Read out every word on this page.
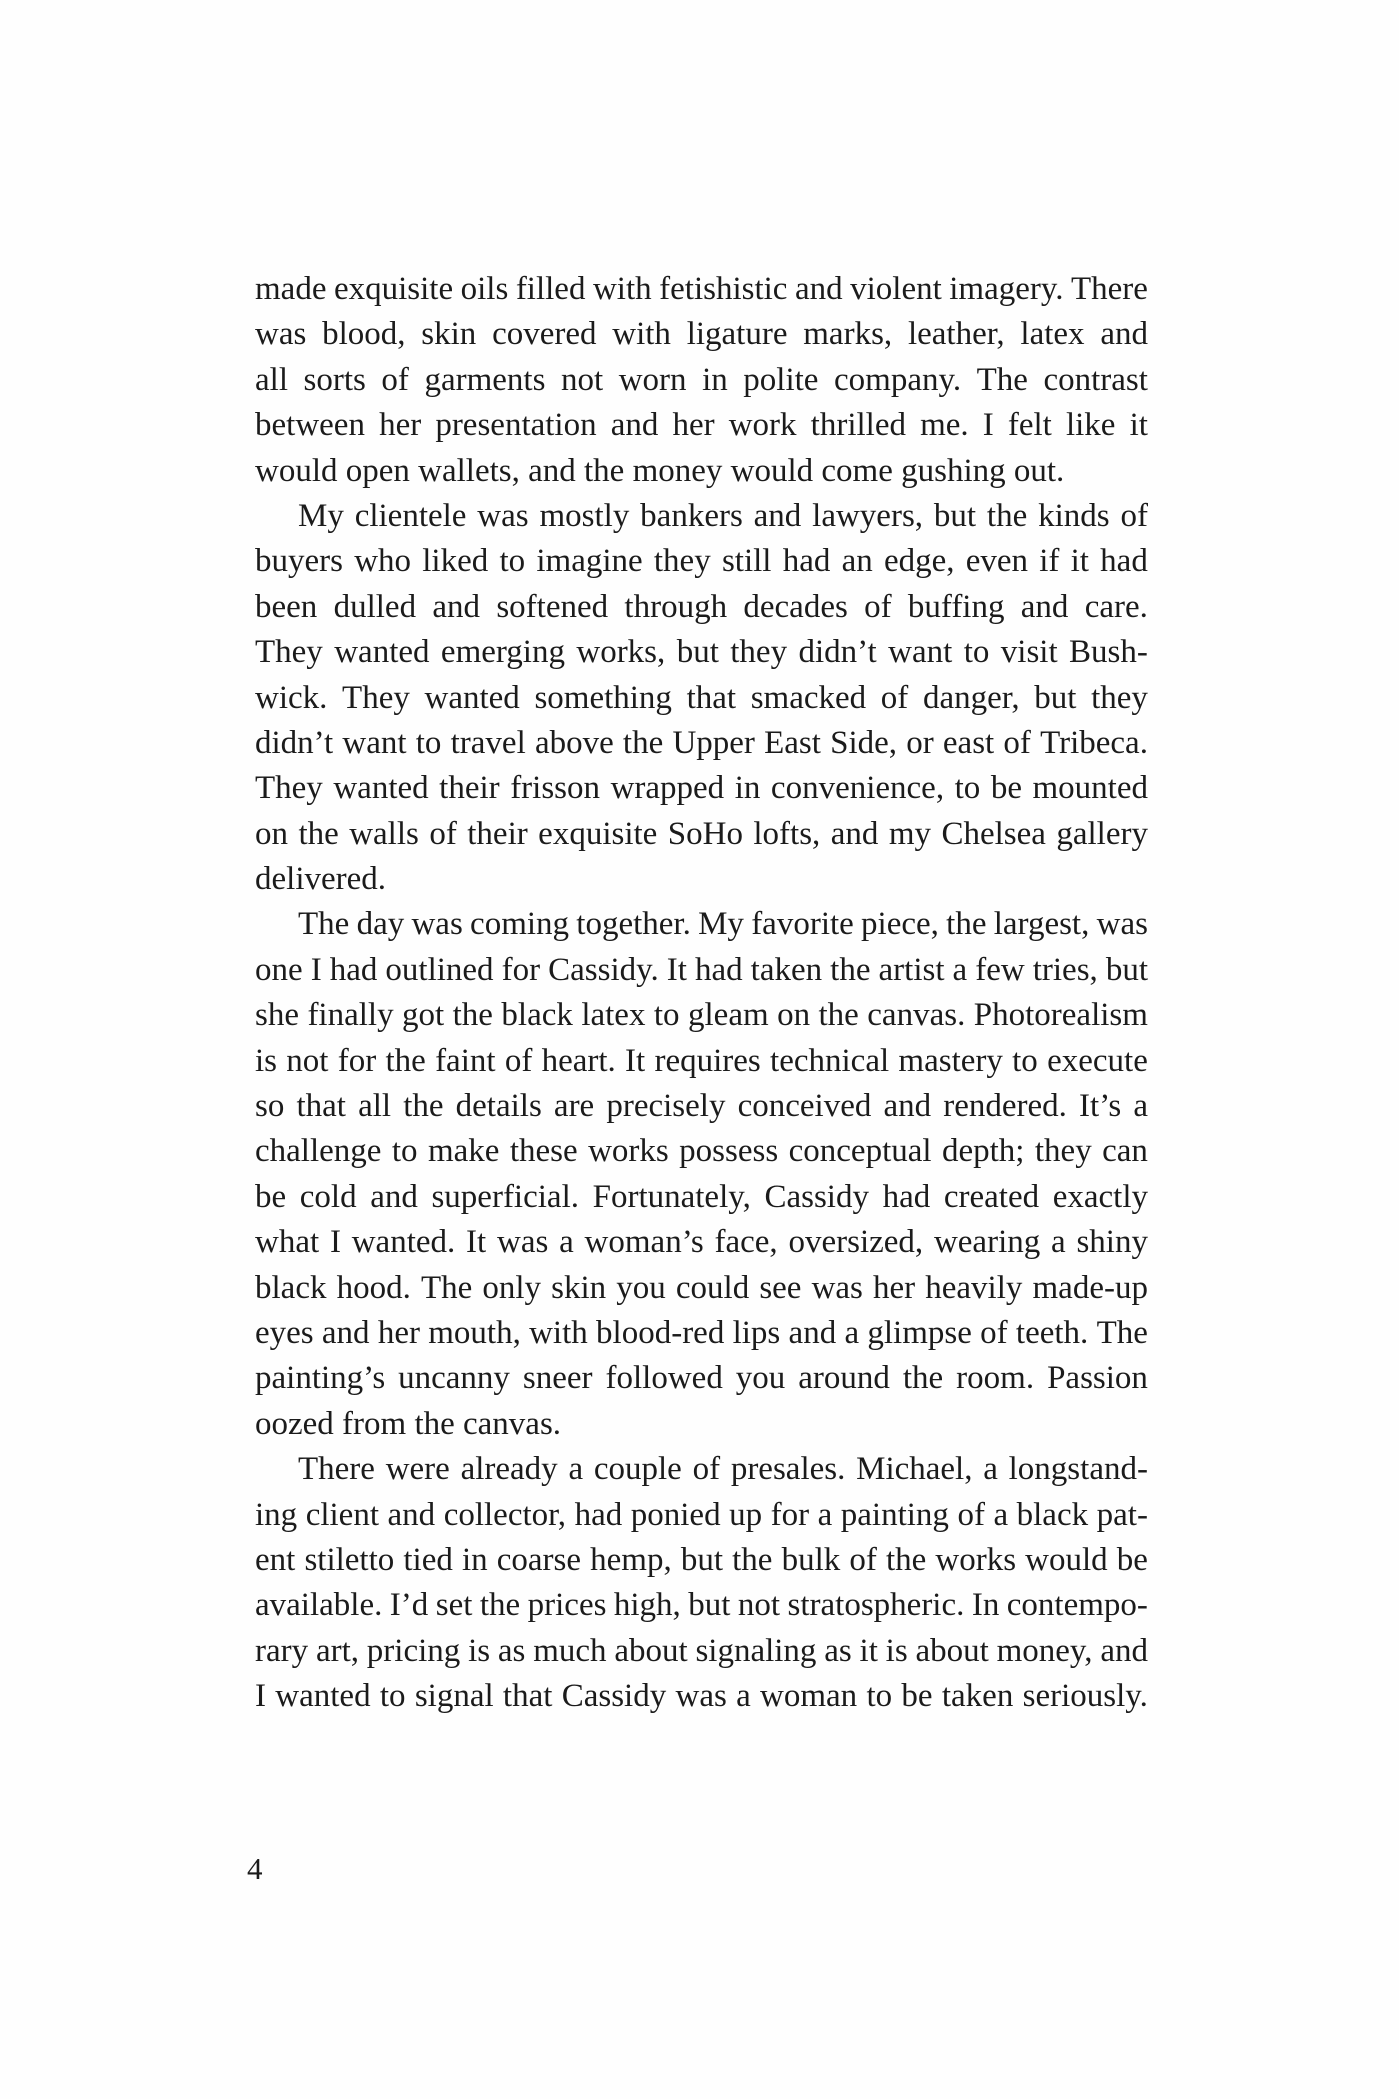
made exquisite oils filled with fetishistic and violent imagery. There
was blood, skin covered with ligature marks, leather, latex and
all sorts of garments not worn in polite company. The contrast
between her presentation and her work thrilled me. I felt like it
would open wallets, and the money would come gushing out.
My clientele was mostly bankers and lawyers, but the kinds of
buyers who liked to imagine they still had an edge, even if it had
been dulled and softened through decades of buffing and care.
They wanted emerging works, but they didn’t want to visit Bush-
wick. They wanted something that smacked of danger, but they
didn’t want to travel above the Upper East Side, or east of Tribeca.
They wanted their frisson wrapped in convenience, to be mounted
on the walls of their exquisite SoHo lofts, and my Chelsea gallery
delivered.
The day was coming together. My favorite piece, the largest, was
one I had outlined for Cassidy. It had taken the artist a few tries, but
she finally got the black latex to gleam on the canvas. Photorealism
is not for the faint of heart. It requires technical mastery to execute
so that all the details are precisely conceived and rendered. It’s a
challenge to make these works possess conceptual depth; they can
be cold and superficial. Fortunately, Cassidy had created exactly
what I wanted. It was a woman’s face, oversized, wearing a shiny
black hood. The only skin you could see was her heavily made-up
eyes and her mouth, with blood-red lips and a glimpse of teeth. The
painting’s uncanny sneer followed you around the room. Passion
oozed from the canvas.
There were already a couple of presales. Michael, a longstand-
ing client and collector, had ponied up for a painting of a black pat-
ent stiletto tied in coarse hemp, but the bulk of the works would be
available. I’d set the prices high, but not stratospheric. In contempo-
rary art, pricing is as much about signaling as it is about money, and
I wanted to signal that Cassidy was a woman to be taken seriously.
4
